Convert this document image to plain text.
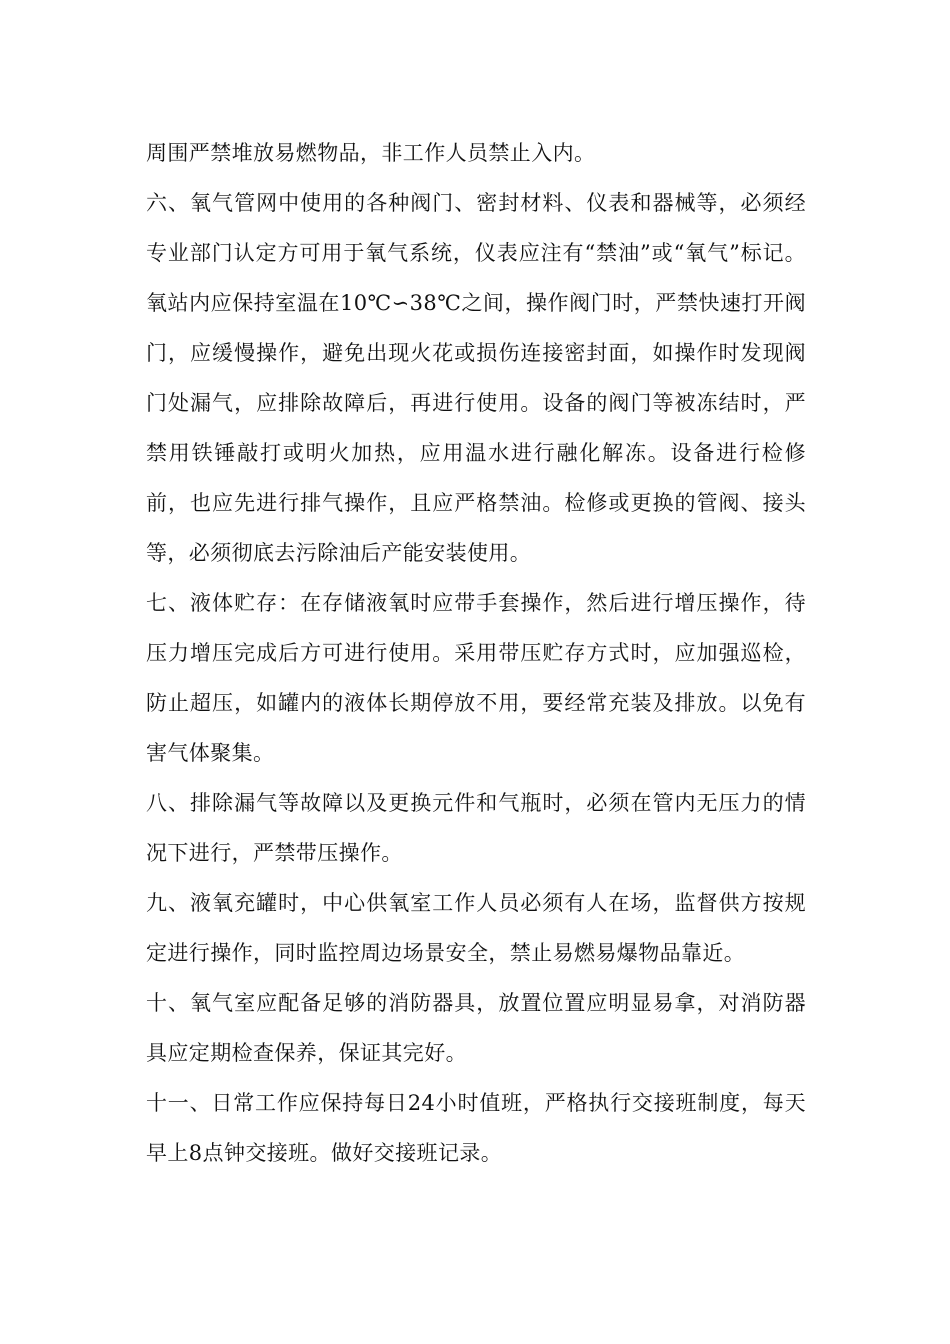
周围严禁堆放易燃物品，非工作人员禁止入内。

六、氧气管网中使用的各种阀门、密封材料、仪表和器械等，必须经专业部门认定方可用于氧气系统，仪表应注有“禁油”或“氧气”标记。氧站内应保持室温在10℃∽38℃之间，操作阀门时，严禁快速打开阀门，应缓慢操作，避免出现火花或损伤连接密封面，如操作时发现阀门处漏气，应排除故障后，再进行使用。设备的阀门等被冻结时，严禁用铁锤敲打或明火加热，应用温水进行融化解冻。设备进行检修前，也应先进行排气操作，且应严格禁油。检修或更换的管阀、接头等，必须彻底去污除油后产能安装使用。

七、液体贮存：在存储液氧时应带手套操作，然后进行增压操作，待压力增压完成后方可进行使用。采用带压贮存方式时，应加强巡检，防止超压，如罐内的液体长期停放不用，要经常充装及排放。以免有害气体聚集。

八、排除漏气等故障以及更换元件和气瓶时，必须在管内无压力的情况下进行，严禁带压操作。

九、液氧充罐时，中心供氧室工作人员必须有人在场，监督供方按规定进行操作，同时监控周边场景安全，禁止易燃易爆物品靠近。

十、氧气室应配备足够的消防器具，放置位置应明显易拿，对消防器具应定期检查保养，保证其完好。

十一、日常工作应保持每日24小时值班，严格执行交接班制度，每天早上8点钟交接班。做好交接班记录。
